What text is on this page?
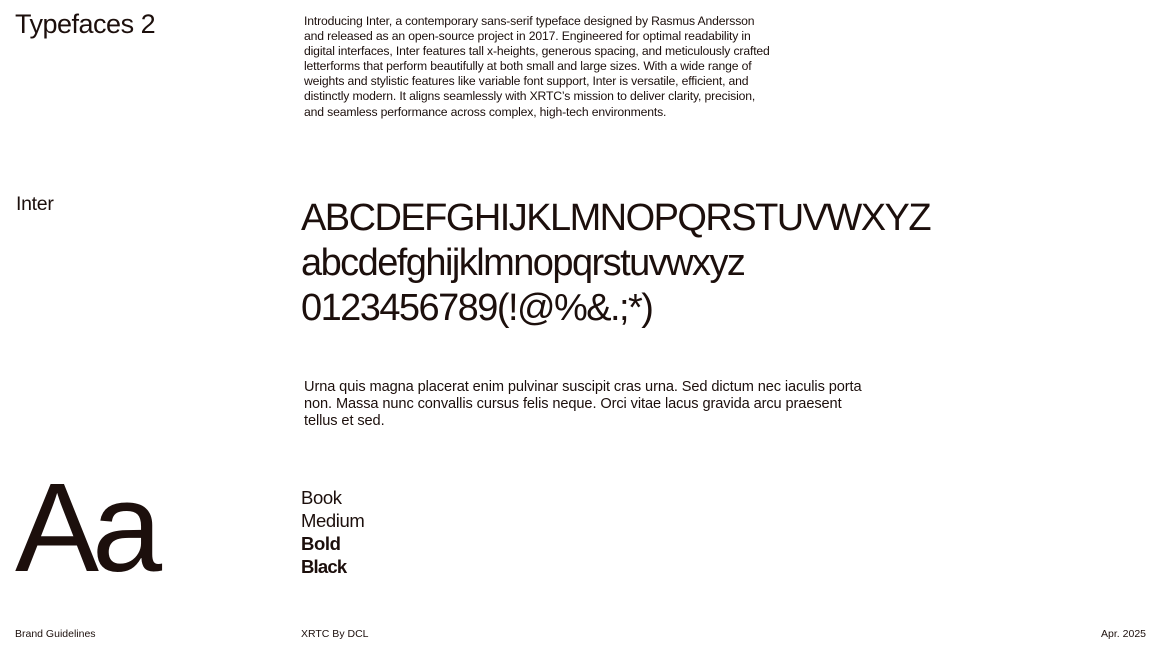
Typefaces 2	Introducing Inter, a contemporary sans-serif typeface designed by Rasmus Andersson and released as an open-source project in 2017. Engineered for optimal readability in digital interfaces, Inter features tall x-heights, generous spacing, and meticulously crafted letterforms that perform beautifully at both small and large sizes. With a wide range of weights and stylistic features like variable font support, Inter is versatile, efficient, and distinctly modern. It aligns seamlessly with XRTC’s mission to deliver clarity, precision, and seamless performance across complex, high-tech environments.
Inter	ABCDEFGHIJKLMNOPQRSTUVWXYZ
abcdefghijklmnopqrstuvwxyz
0123456789(!@%&.;*)
Urna quis magna placerat enim pulvinar suscipit cras urna. Sed dictum nec iaculis porta non. Massa nunc convallis cursus felis neque. Orci vitae lacus gravida arcu praesent tellus et sed.
Aa	Book
Medium
Bold
Black
Brand Guidelines	XRTC By DCL	Apr. 2025
